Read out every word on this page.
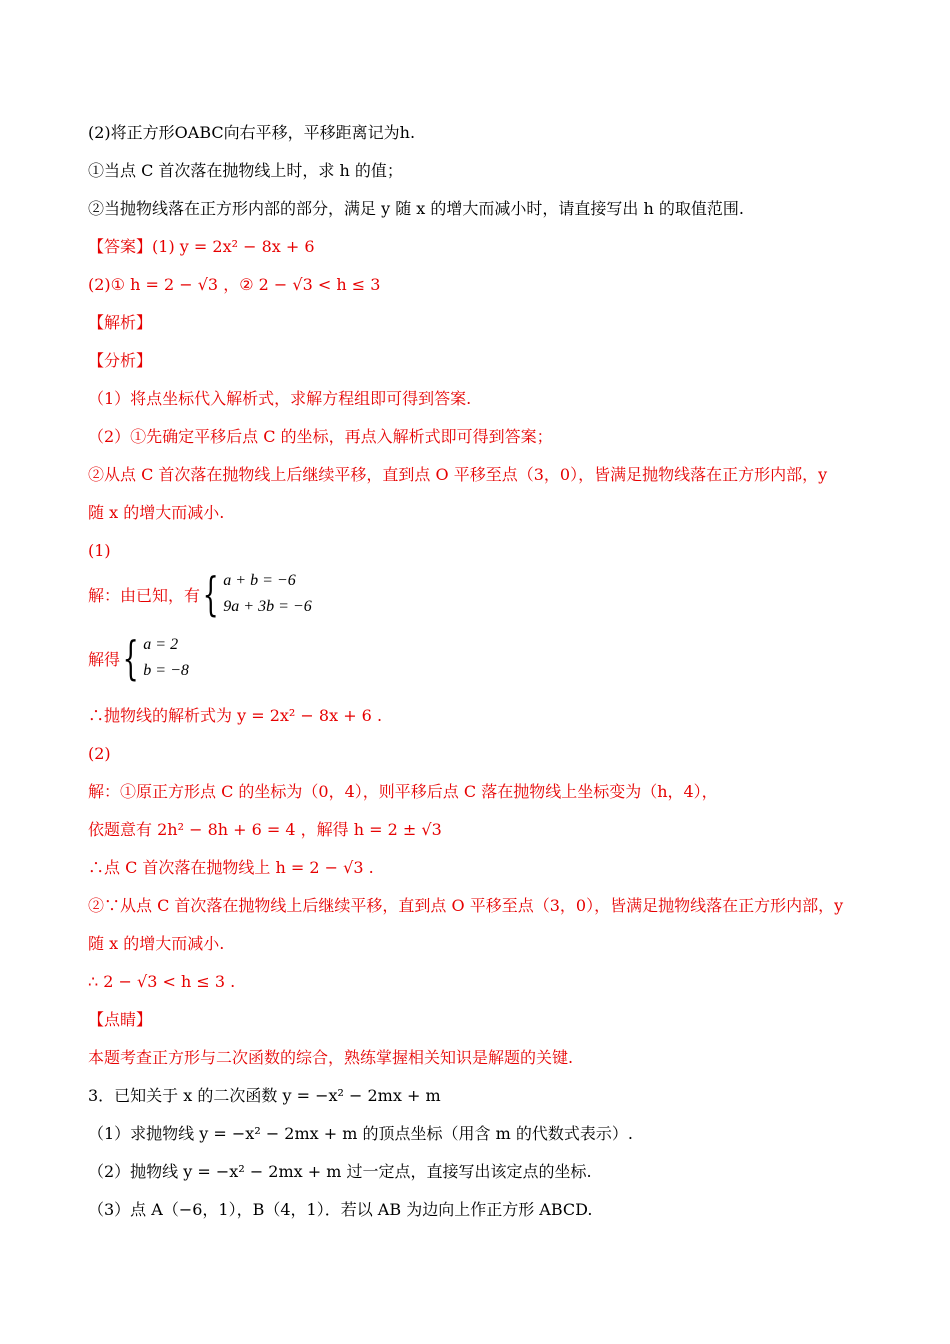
(2)将正方形OABC向右平移，平移距离记为h.
①当点 C 首次落在抛物线上时，求 h 的值；
②当抛物线落在正方形内部的部分，满足 y 随 x 的增大而减小时，请直接写出 h 的取值范围.
【答案】(1) y = 2x² − 8x + 6
(2)① h = 2 − √3 ，② 2 − √3 < h ≤ 3
【解析】
【分析】
（1）将点坐标代入解析式，求解方程组即可得到答案.
（2）①先确定平移后点 C 的坐标，再点入解析式即可得到答案；
②从点 C 首次落在抛物线上后继续平移，直到点 O 平移至点（3，0），皆满足抛物线落在正方形内部，y
随 x 的增大而减小.
(1)
解：由已知，有 { a + b = −6
9a + 3b = −6
解得 { a = 2
b = −8
∴抛物线的解析式为 y = 2x² − 8x + 6 .
(2)
解：①原正方形点 C 的坐标为（0，4），则平移后点 C 落在抛物线上坐标变为（h，4），
依题意有 2h² − 8h + 6 = 4 ，解得 h = 2 ± √3
∴点 C 首次落在抛物线上 h = 2 − √3 .
②∵从点 C 首次落在抛物线上后继续平移，直到点 O 平移至点（3，0），皆满足抛物线落在正方形内部，y
随 x 的增大而减小.
∴ 2 − √3 < h ≤ 3 .
【点睛】
本题考查正方形与二次函数的综合，熟练掌握相关知识是解题的关键.
3．已知关于 x 的二次函数 y = −x² − 2mx + m
（1）求抛物线 y = −x² − 2mx + m 的顶点坐标（用含 m 的代数式表示）.
（2）抛物线 y = −x² − 2mx + m 过一定点，直接写出该定点的坐标.
（3）点 A（−6，1），B（4，1）．若以 AB 为边向上作正方形 ABCD.
